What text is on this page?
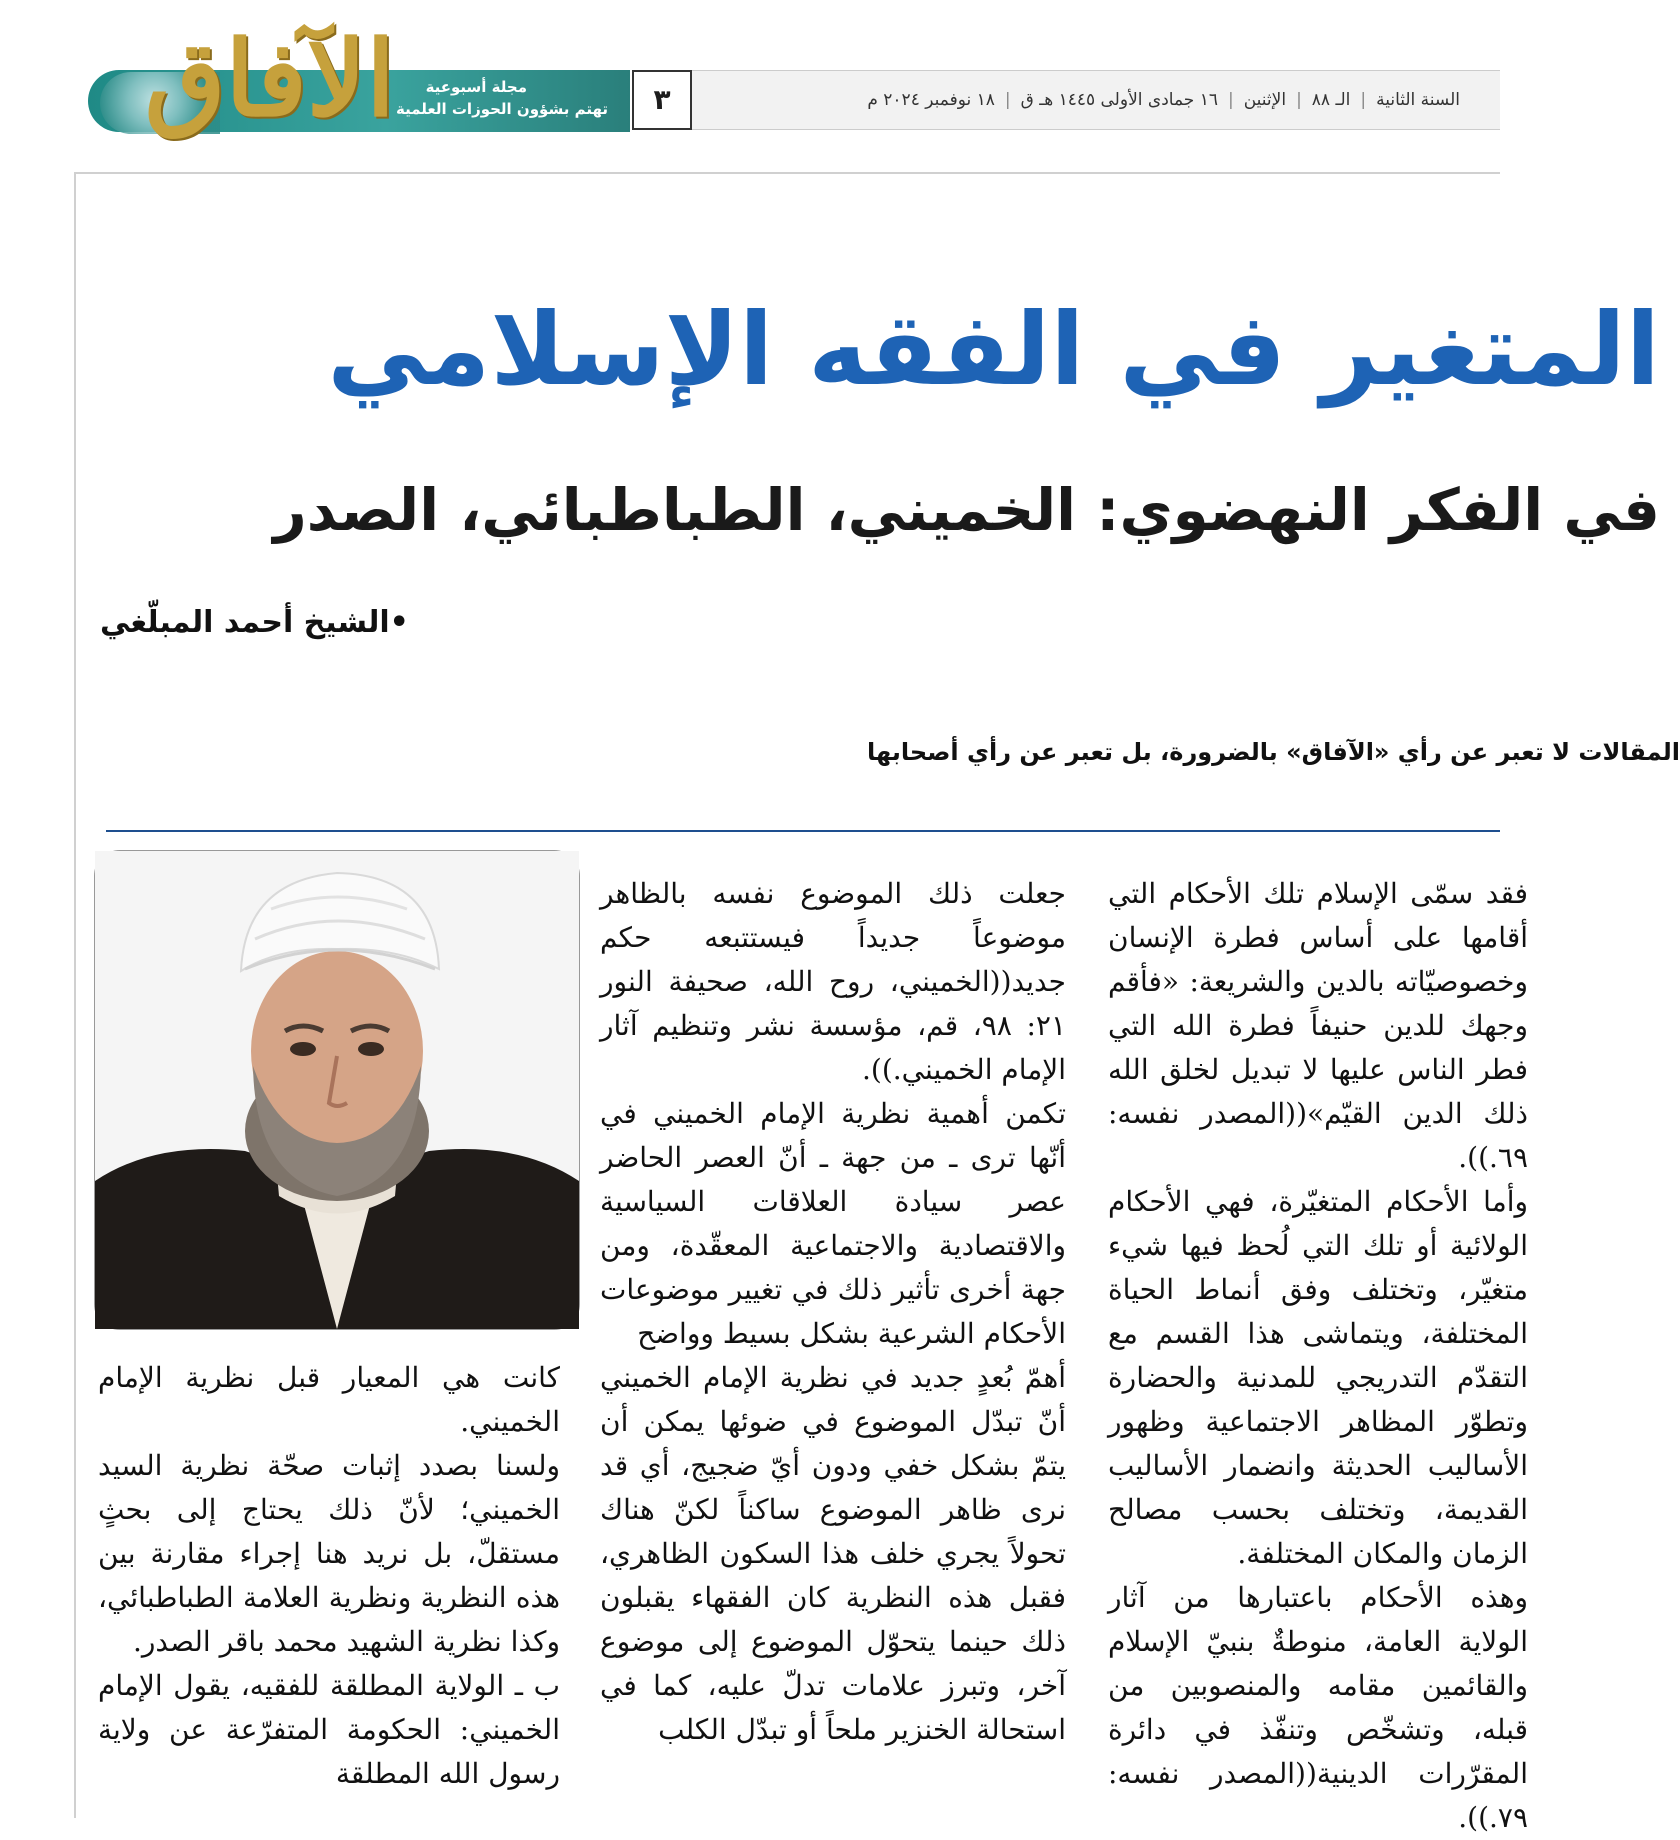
الآفاق	مجلة أسبوعية
تهتم بشؤون الحوزات العلمية	٣	السنة الثانية
|
الـ ٨٨
|
الإثنين
|
١٦ جمادى الأولى ١٤٤٥ هـ ق
|
١٨ نوفمبر ٢٠٢٤ م
المتغير في الفقه الإسلامي
في الفكر النهضوي: الخميني، الطباطبائي، الصدر
•الشيخ أحمد المبلّغي
المقالات لا تعبر عن رأي «الآفاق» بالضرورة، بل تعبر عن رأي أصحابها

فقد سمّى الإسلام تلك الأحكام التي أقامها على أساس فطرة الإنسان وخصوصيّاته بالدين والشريعة: «فأقم وجهك للدين حنيفاً فطرة الله التي فطر الناس عليها لا تبديل لخلق الله ذلك الدين القيّم»((المصدر نفسه: ٦٩.)).

وأما الأحكام المتغيّرة، فهي الأحكام الولائية أو تلك التي لُحظ فيها شيء متغيّر، وتختلف وفق أنماط الحياة المختلفة، ويتماشى هذا القسم مع التقدّم التدريجي للمدنية والحضارة وتطوّر المظاهر الاجتماعية وظهور الأساليب الحديثة وانضمار الأساليب القديمة، وتختلف بحسب مصالح الزمان والمكان المختلفة.

وهذه الأحكام باعتبارها من آثار الولاية العامة، منوطةٌ بنبيّ الإسلام والقائمين مقامه والمنصوبين من قبله، وتشخّص وتنفّذ في دائرة المقرّرات الدينية((المصدر نفسه: ٧٩.)).

جعلت ذلك الموضوع نفسه بالظاهر موضوعاً جديداً فيستتبعه حكم جديد((الخميني، روح الله، صحيفة النور ٢١: ٩٨، قم، مؤسسة نشر وتنظيم آثار الإمام الخميني.)).

تكمن أهمية نظرية الإمام الخميني في أنّها ترى ـ من جهة ـ أنّ العصر الحاضر عصر سيادة العلاقات السياسية والاقتصادية والاجتماعية المعقّدة، ومن جهة أخرى تأثير ذلك في تغيير موضوعات الأحكام الشرعية بشكل بسيط وواضح

أهمّ بُعدٍ جديد في نظرية الإمام الخميني أنّ تبدّل الموضوع في ضوئها يمكن أن يتمّ بشكل خفي ودون أيّ ضجيج، أي قد نرى ظاهر الموضوع ساكناً لكنّ هناك تحولاً يجري خلف هذا السكون الظاهري، فقبل هذه النظرية كان الفقهاء يقبلون ذلك حينما يتحوّل الموضوع إلى موضوع آخر، وتبرز علامات تدلّ عليه، كما في استحالة الخنزير ملحاً أو تبدّل الكلب

كانت هي المعيار قبل نظرية الإمام الخميني.

ولسنا بصدد إثبات صحّة نظرية السيد الخميني؛ لأنّ ذلك يحتاج إلى بحثٍ مستقلّ، بل نريد هنا إجراء مقارنة بين هذه النظرية ونظرية العلامة الطباطبائي، وكذا نظرية الشهيد محمد باقر الصدر.

ب ـ الولاية المطلقة للفقيه، يقول الإمام الخميني: الحكومة المتفرّعة عن ولاية رسول الله المطلقة
